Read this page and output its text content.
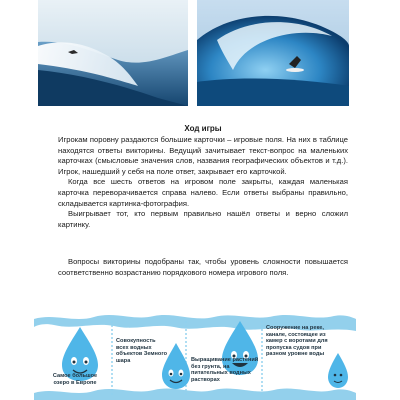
Ход игры

Игрокам поровну раздаются большие карточки – игровые поля. На них в таблице находятся ответы викторины. Ведущий зачитывает текст-вопрос на маленьких карточках (смысловые значения слов, названия географических объектов и т.д.). Игрок, нашедший у себя на поле ответ, закрывает его карточкой.

Когда все шесть ответов на игровом поле закрыты, каждая маленькая карточка переворачивается справа налево. Если ответы выбраны правильно, складывается картинка-фотография.

Выигрывает тот, кто первым правильно нашёл ответы и верно сложил картинку.

Вопросы викторины подобраны так, чтобы уровень сложности повышается соответственно возрастанию порядкового номера игрового поля.

Самое большое озеро в Европе
Совокупность всех водных объектов Земного шара	Выращивание растений без грунта, на питательных водных растворах
Сооружение на реке, канале, состоящее из камер с воротами для пропуска судов при разном уровне воды
